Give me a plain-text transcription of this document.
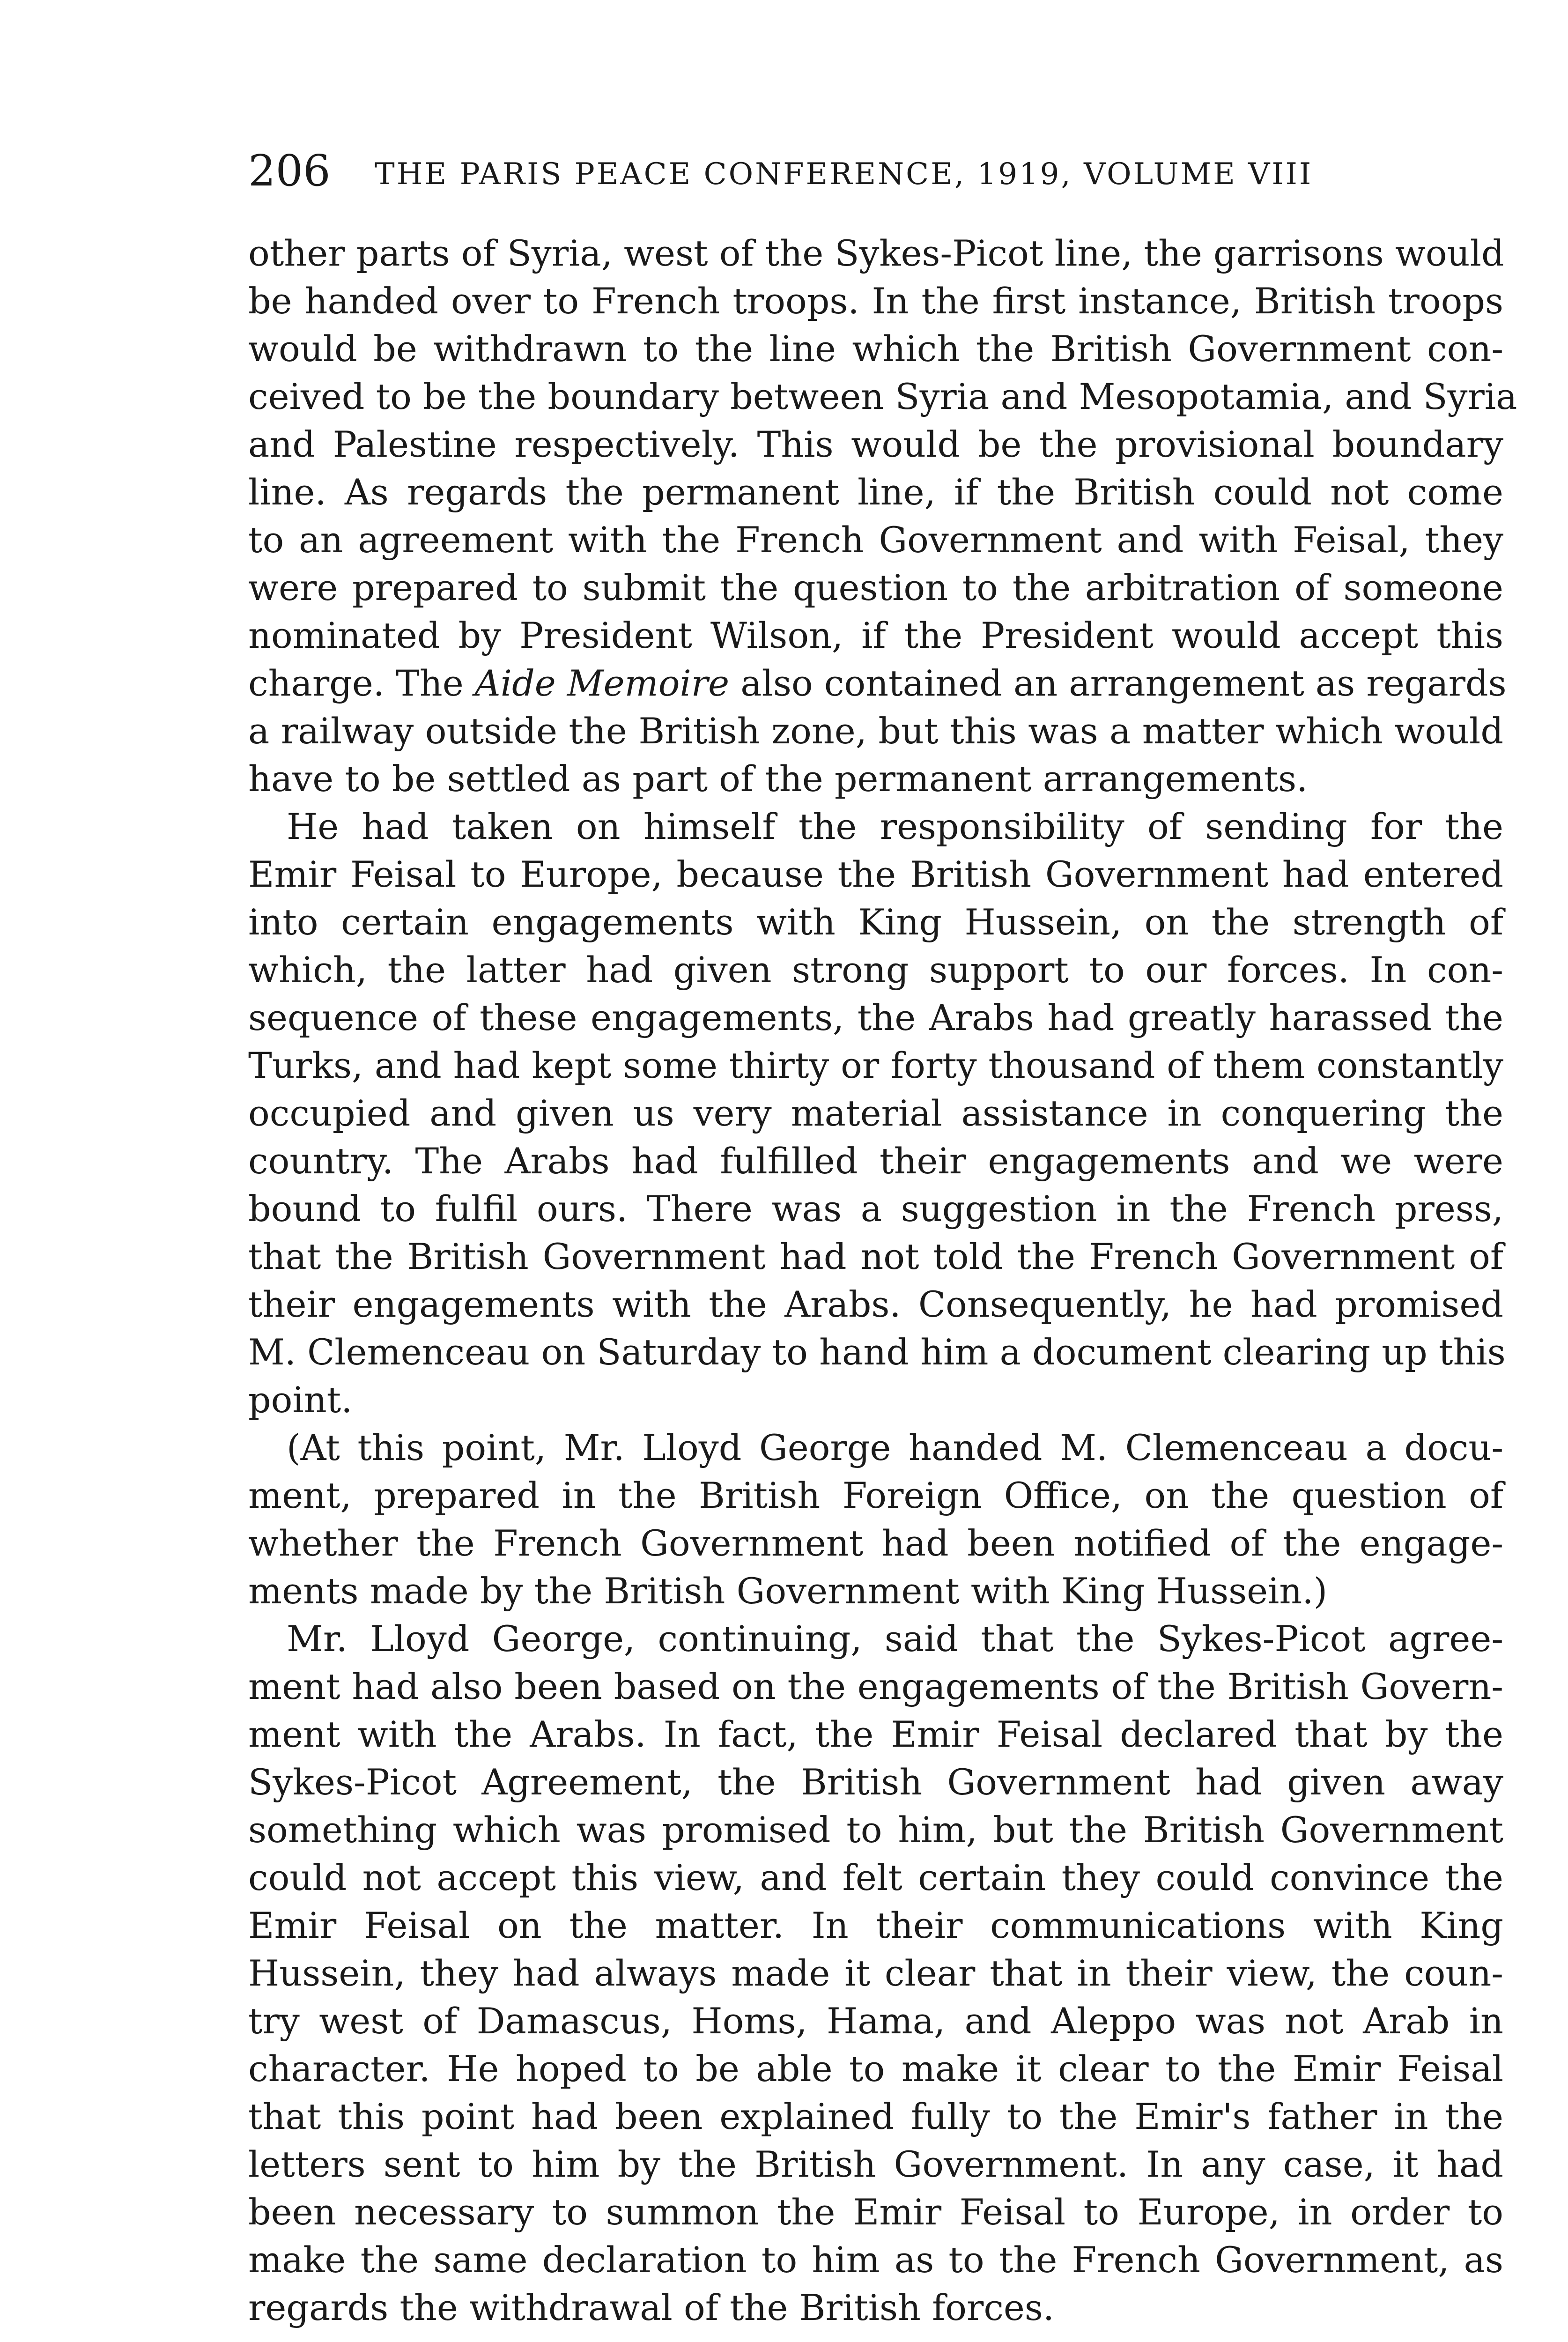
206 THE PARIS PEACE CONFERENCE, 1919, VOLUME VIII
other parts of Syria, west of the Sykes-Picot line, the garrisons would
be handed over to French troops. In the first instance, British troops
would be withdrawn to the line which the British Government con-
ceived to be the boundary between Syria and Mesopotamia, and Syria
and Palestine respectively. This would be the provisional boundary
line. As regards the permanent line, if the British could not come
to an agreement with the French Government and with Feisal, they
were prepared to submit the question to the arbitration of someone
nominated by President Wilson, if the President would accept this
charge. The Aide Memoire also contained an arrangement as regards
a railway outside the British zone, but this was a matter which would
have to be settled as part of the permanent arrangements.
He had taken on himself the responsibility of sending for the
Emir Feisal to Europe, because the British Government had entered
into certain engagements with King Hussein, on the strength of
which, the latter had given strong support to our forces. In con-
sequence of these engagements, the Arabs had greatly harassed the
Turks, and had kept some thirty or forty thousand of them constantly
occupied and given us very material assistance in conquering the
country. The Arabs had fulfilled their engagements and we were
bound to fulfil ours. There was a suggestion in the French press,
that the British Government had not told the French Government of
their engagements with the Arabs. Consequently, he had promised
M. Clemenceau on Saturday to hand him a document clearing up this
point.
(At this point, Mr. Lloyd George handed M. Clemenceau a docu-
ment, prepared in the British Foreign Office, on the question of
whether the French Government had been notified of the engage-
ments made by the British Government with King Hussein.)
Mr. Lloyd George, continuing, said that the Sykes-Picot agree-
ment had also been based on the engagements of the British Govern-
ment with the Arabs. In fact, the Emir Feisal declared that by the
Sykes-Picot Agreement, the British Government had given away
something which was promised to him, but the British Government
could not accept this view, and felt certain they could convince the
Emir Feisal on the matter. In their communications with King
Hussein, they had always made it clear that in their view, the coun-
try west of Damascus, Homs, Hama, and Aleppo was not Arab in
character. He hoped to be able to make it clear to the Emir Feisal
that this point had been explained fully to the Emir's father in the
letters sent to him by the British Government. In any case, it had
been necessary to summon the Emir Feisal to Europe, in order to
make the same declaration to him as to the French Government, as
regards the withdrawal of the British forces.
